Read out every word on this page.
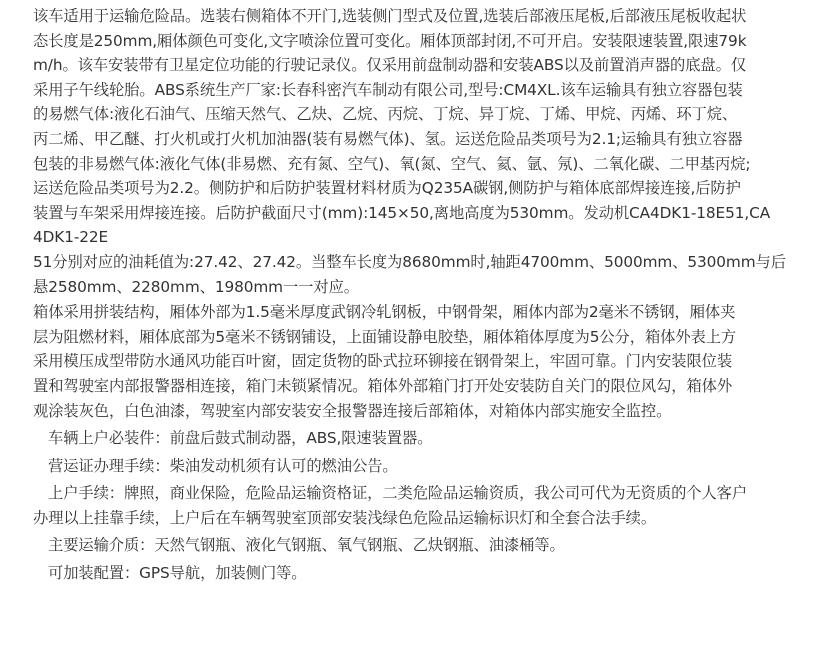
该车适用于运输危险品。选装右侧箱体不开门,选装侧门型式及位置,选装后部液压尾板,后部液压尾板收起状
态长度是250mm,厢体颜色可变化,文字喷涂位置可变化。厢体顶部封闭,不可开启。安装限速装置,限速79k
m/h。该车安装带有卫星定位功能的行驶记录仪。仅采用前盘制动器和安装ABS以及前置消声器的底盘。仅
采用子午线轮胎。ABS系统生产厂家:长春科密汽车制动有限公司,型号:CM4XL.该车运输具有独立容器包装
的易燃气体:液化石油气、压缩天然气、乙炔、乙烷、丙烷、丁烷、异丁烷、丁烯、甲烷、丙烯、环丁烷、
丙二烯、甲乙醚、打火机或打火机加油器(装有易燃气体)、氢。运送危险品类项号为2.1;运输具有独立容器
包装的非易燃气体:液化气体(非易燃、充有氮、空气)、氧(氮、空气、氦、氩、氖)、二氧化碳、二甲基丙烷;
运送危险品类项号为2.2。侧防护和后防护装置材料材质为Q235A碳钢,侧防护与箱体底部焊接连接,后防护
装置与车架采用焊接连接。后防护截面尺寸(mm):145×50,离地高度为530mm。发动机CA4DK1-18E51,CA
4DK1-22E

51分别对应的油耗值为:27.42、27.42。当整车长度为8680mm时,轴距4700mm、5000mm、5300mm与后
悬2580mm、2280mm、1980mm一一对应。

箱体采用拼装结构，厢体外部为1.5毫米厚度武钢冷轧钢板，中钢骨架，厢体内部为2毫米不锈钢，厢体夹
层为阻燃材料，厢体底部为5毫米不锈钢铺设，上面铺设静电胶垫，厢体箱体厚度为5公分，箱体外表上方
采用模压成型带防水通风功能百叶窗，固定货物的卧式拉环铆接在钢骨架上，牢固可靠。门内安装限位装
置和驾驶室内部报警器相连接，箱门未锁紧情况。箱体外部箱门打开处安装防自关门的限位风勾，箱体外
观涂装灰色，白色油漆，驾驶室内部安装安全报警器连接后部箱体，对箱体内部实施安全监控。

车辆上户必装件：前盘后鼓式制动器，ABS,限速装置器。

营运证办理手续：柴油发动机须有认可的燃油公告。

上户手续：牌照，商业保险，危险品运输资格证，二类危险品运输资质，我公司可代为无资质的个人客户
办理以上挂靠手续，上户后在车辆驾驶室顶部安装浅绿色危险品运输标识灯和全套合法手续。

主要运输介质：天然气钢瓶、液化气钢瓶、氧气钢瓶、乙炔钢瓶、油漆桶等。

可加装配置：GPS导航，加装侧门等。
